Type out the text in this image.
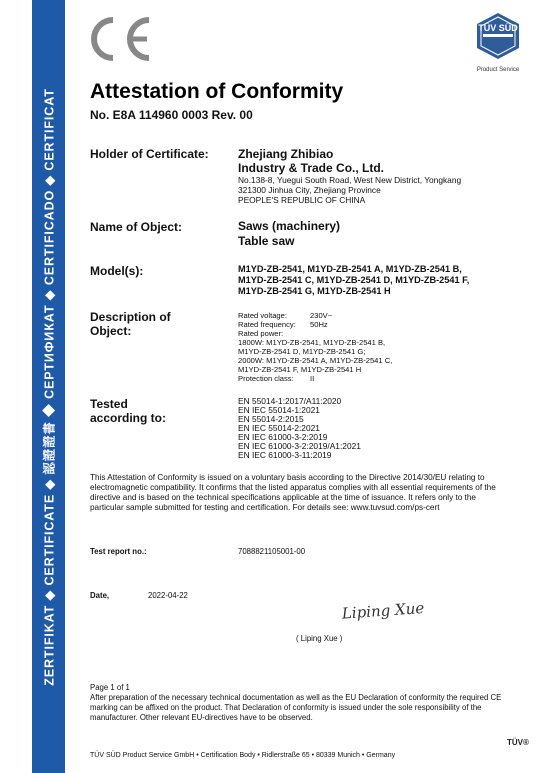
ZERTIFIKAT ◆ CERTIFICATE ◆ 認證證書 ◆ СЕРТИФИКАТ ◆ CERTIFICADO ◆ CERTIFICAT
TÜV SÜD
Product Service
Attestation of Conformity
No. E8A 114960 0003 Rev. 00
Holder of Certificate: Zhejiang Zhibiao
Industry & Trade Co., Ltd.
No.138-8, Yuegui South Road, West New District, Yongkang
321300 Jinhua City, Zhejiang Province
PEOPLE'S REPUBLIC OF CHINA
Name of Object:	Saws (machinery)
Table saw
Model(s):	M1YD-ZB-2541, M1YD-ZB-2541 A, M1YD-ZB-2541 B,
M1YD-ZB-2541 C, M1YD-ZB-2541 D, M1YD-ZB-2541 F,
M1YD-ZB-2541 G, M1YD-ZB-2541 H
Description of
Object:
Rated voltage:	230V~
Rated frequency: 50Hz
Rated power:
1800W: M1YD-ZB-2541, M1YD-ZB-2541 B,
M1YD-ZB-2541 D, M1YD-ZB-2541 G;
2000W: M1YD-ZB-2541 A, M1YD-ZB-2541 C,
M1YD-ZB-2541 F, M1YD-ZB-2541 H
Protection class: II
Tested
according to:
EN 55014-1:2017/A11:2020
EN IEC 55014-1:2021
EN 55014-2:2015
EN IEC 55014-2:2021
EN IEC 61000-3-2:2019
EN IEC 61000-3-2:2019/A1:2021
EN IEC 61000-3-11:2019
This Attestation of Conformity is issued on a voluntary basis according to the Directive 2014/30/EU relating to electromagnetic compatibility. It confirms that the listed apparatus complies with all essential requirements of the directive and is based on the technical specifications applicable at the time of issuance. It refers only to the particular sample submitted for testing and certification. For details see: www.tuvsud.com/ps-cert
Test report no.:	7088821105001-00
Date,	2022-04-22
Liping Xue
( Liping Xue )
Page 1 of 1
After preparation of the necessary technical documentation as well as the EU Declaration of conformity the required CE marking can be affixed on the product. That Declaration of conformity is issued under the sole responsibility of the manufacturer. Other relevant EU-directives have to be observed.
TÜV SÜD Product Service GmbH • Certification Body • Ridlerstraße 65 • 80339 Munich • Germany
TÜV®
